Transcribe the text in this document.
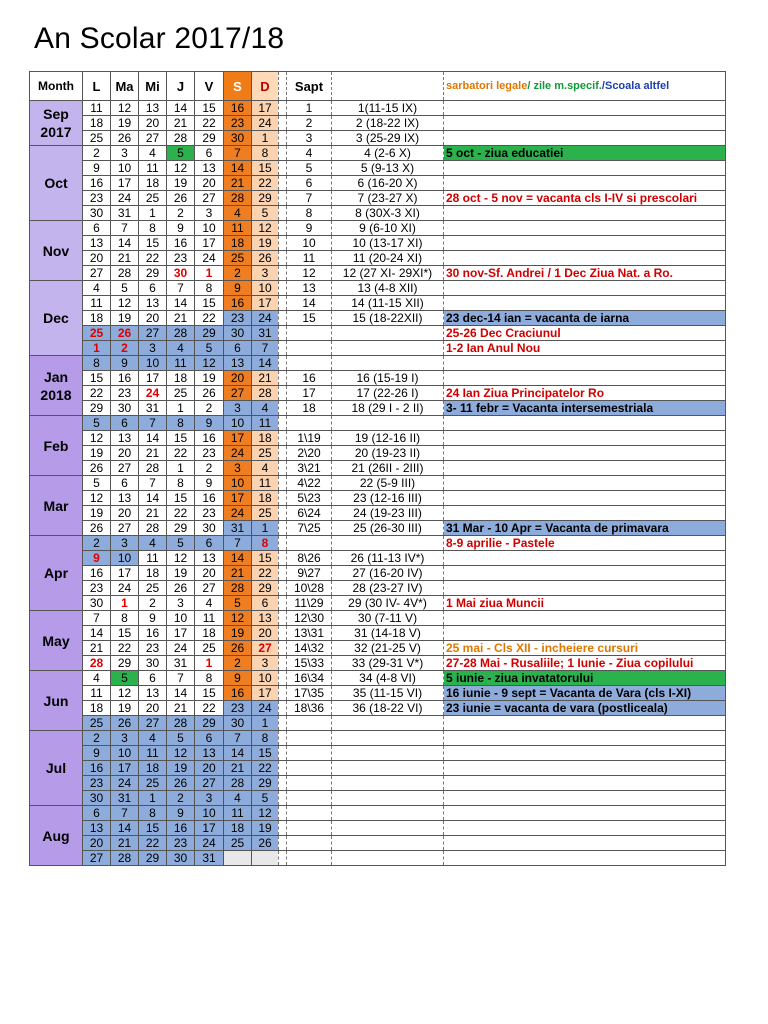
An Scolar 2017/18
Month	L	Ma	Mi	J	V	S	D		Sapt		sarbatori legale/ zile m.specif./Scoala altfel
Sep 2017	11	12	13	14	15	16	17		1	1(11-15 IX)	
	18	19	20	21	22	23	24		2	2 (18-22 IX)	
	25	26	27	28	29	30	1		3	3 (25-29 IX)	
Oct	2	3	4	5	6	7	8		4	4 (2-6 X)	5 oct - ziua educatiei
	9	10	11	12	13	14	15		5	5 (9-13 X)	
	16	17	18	19	20	21	22		6	6 (16-20 X)	
	23	24	25	26	27	28	29		7	7 (23-27 X)	28 oct - 5 nov = vacanta cls I-IV si prescolari
	30	31	1	2	3	4	5		8	8 (30X-3 XI)	
Nov	6	7	8	9	10	11	12		9	9 (6-10 XI)	
	13	14	15	16	17	18	19		10	10 (13-17 XI)	
	20	21	22	23	24	25	26		11	11 (20-24 XI)	
	27	28	29	30	1	2	3		12	12 (27 XI- 29XI*)	30 nov-Sf. Andrei / 1 Dec Ziua Nat. a Ro.
Dec	4	5	6	7	8	9	10		13	13 (4-8 XII)	
	11	12	13	14	15	16	17		14	14 (11-15 XII)	
	18	19	20	21	22	23	24		15	15 (18-22XII)	23 dec-14 ian = vacanta de iarna
	25	26	27	28	29	30	31				25-26 Dec Craciunul
	1	2	3	4	5	6	7				1-2 Ian Anul Nou
Jan 2018	8	9	10	11	12	13	14				
	15	16	17	18	19	20	21		16	16 (15-19 I)	
	22	23	24	25	26	27	28		17	17 (22-26 I)	24 Ian Ziua Principatelor Ro
	29	30	31	1	2	3	4		18	18 (29 I - 2 II)	3- 11 febr = Vacanta intersemestriala
Feb	5	6	7	8	9	10	11				
	12	13	14	15	16	17	18		1\19	19 (12-16 II)	
	19	20	21	22	23	24	25		2\20	20 (19-23 II)	
	26	27	28	1	2	3	4		3\21	21 (26II - 2III)	
Mar	5	6	7	8	9	10	11		4\22	22 (5-9 III)	
	12	13	14	15	16	17	18		5\23	23 (12-16 III)	
	19	20	21	22	23	24	25		6\24	24 (19-23 III)	
	26	27	28	29	30	31	1		7\25	25 (26-30 III)	31 Mar - 10 Apr = Vacanta de primavara
Apr	2	3	4	5	6	7	8				8-9 aprilie - Pastele
	9	10	11	12	13	14	15		8\26	26 (11-13 IV*)	
	16	17	18	19	20	21	22		9\27	27 (16-20 IV)	
	23	24	25	26	27	28	29		10\28	28 (23-27 IV)	
	30	1	2	3	4	5	6		11\29	29 (30 IV- 4V*)	1 Mai ziua Muncii
May	7	8	9	10	11	12	13		12\30	30 (7-11 V)	
	14	15	16	17	18	19	20		13\31	31 (14-18 V)	
	21	22	23	24	25	26	27		14\32	32 (21-25 V)	25 mai - Cls XII - incheiere cursuri
	28	29	30	31	1	2	3		15\33	33 (29-31 V*)	27-28 Mai - Rusaliile; 1 Iunie - Ziua copilului
Jun	4	5	6	7	8	9	10		16\34	34 (4-8 VI)	5 iunie - ziua invatatorului
	11	12	13	14	15	16	17		17\35	35 (11-15 VI)	16 iunie - 9 sept = Vacanta de Vara (cls I-XI)
	18	19	20	21	22	23	24		18\36	36 (18-22 VI)	23 iunie = vacanta de vara (postliceala)
	25	26	27	28	29	30	1				
Jul	2	3	4	5	6	7	8				
	9	10	11	12	13	14	15				
	16	17	18	19	20	21	22				
	23	24	25	26	27	28	29				
	30	31	1	2	3	4	5				
Aug	6	7	8	9	10	11	12				
	13	14	15	16	17	18	19				
	20	21	22	23	24	25	26				
	27	28	29	30	31						
